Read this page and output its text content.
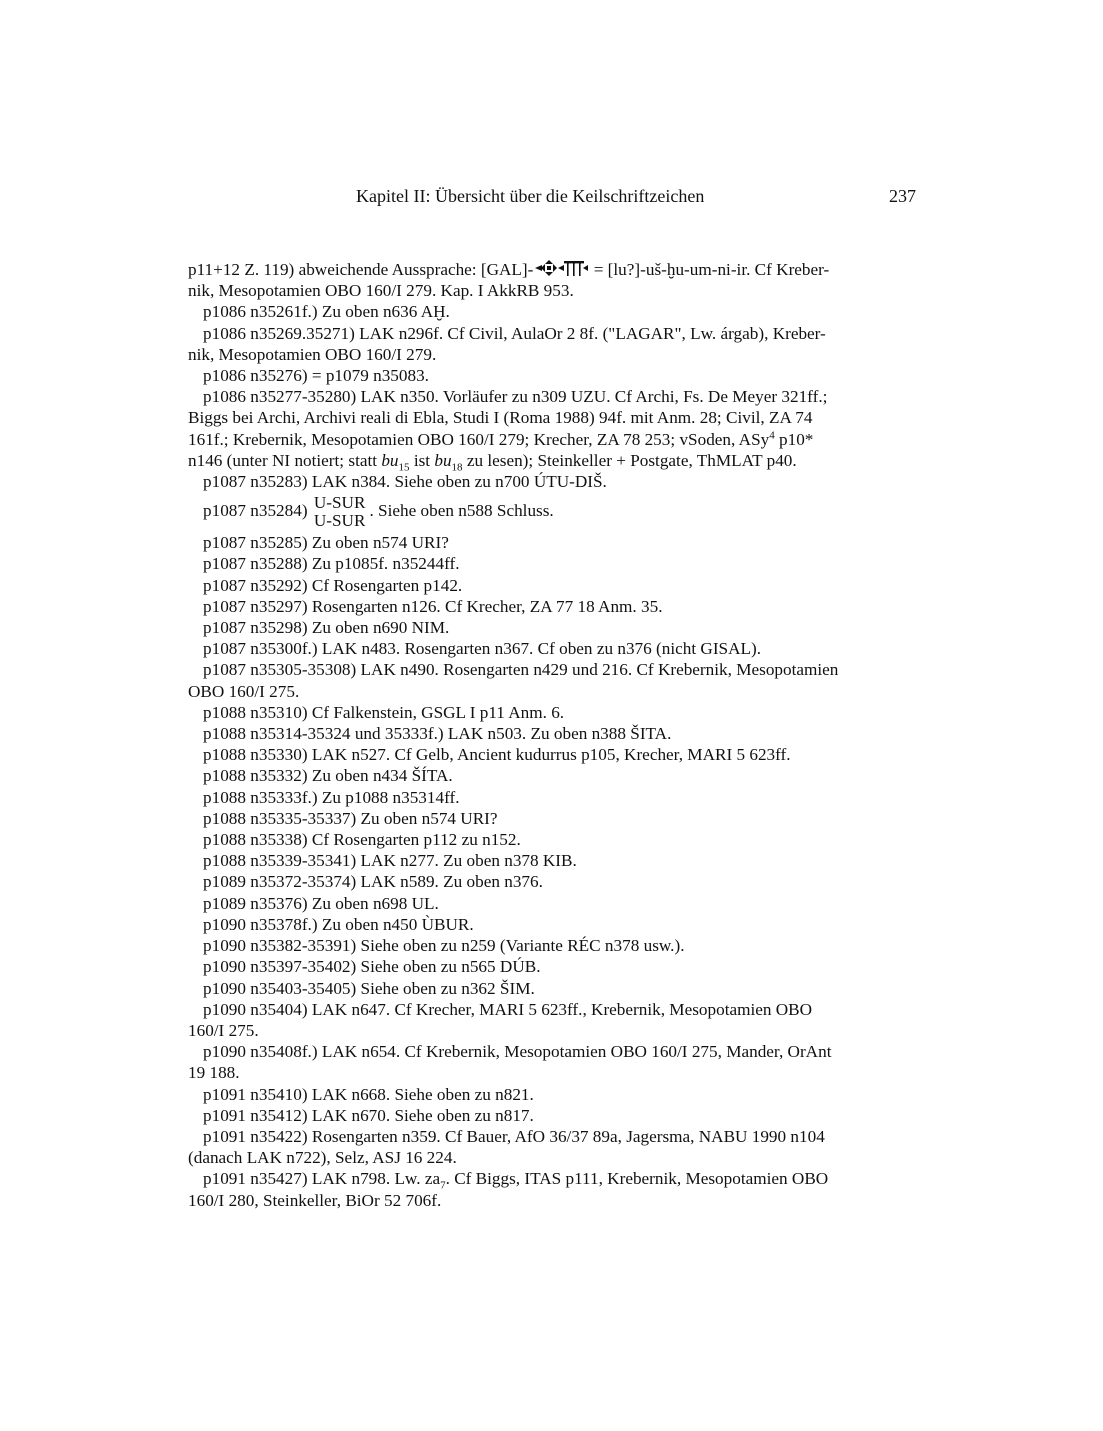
Kapitel II: Übersicht über die Keilschriftzeichen	237

p11+12 Z. 119) abweichende Aussprache: [GAL]-	= [lu?]-uš-ḫu-um-ni-ir. Cf Kreber-
nik, Mesopotamien OBO 160/I 279. Kap. I AkkRB 953.

p1086 n35261f.) Zu oben n636 AḪ.

p1086 n35269.35271) LAK n296f. Cf Civil, AulaOr 2 8f. ("LAGAR", Lw. árgab), Kreber-
nik, Mesopotamien OBO 160/I 279.

p1086 n35276) = p1079 n35083.

p1086 n35277-35280) LAK n350. Vorläufer zu n309 UZU. Cf Archi, Fs. De Meyer 321ff.;
Biggs bei Archi, Archivi reali di Ebla, Studi I (Roma 1988) 94f. mit Anm. 28; Civil, ZA 74
161f.; Krebernik, Mesopotamien OBO 160/I 279; Krecher, ZA 78 253; vSoden, ASy$^4$ p10*
n146 (unter NI notiert; statt $bu_{15}$ ist $bu_{18}$ zu lesen); Steinkeller + Postgate, ThMLAT p40.

p1087 n35283) LAK n384. Siehe oben zu n700 ÚTU-DIŠ.

p1087 n35284) U-SUR
U-SUR
. Siehe oben n588 Schluss.

p1087 n35285) Zu oben n574 URI?

p1087 n35288) Zu p1085f. n35244ff.

p1087 n35292) Cf Rosengarten p142.

p1087 n35297) Rosengarten n126. Cf Krecher, ZA 77 18 Anm. 35.

p1087 n35298) Zu oben n690 NIM.

p1087 n35300f.) LAK n483. Rosengarten n367. Cf oben zu n376 (nicht GISAL).

p1087 n35305-35308) LAK n490. Rosengarten n429 und 216. Cf Krebernik, Mesopotamien
OBO 160/I 275.

p1088 n35310) Cf Falkenstein, GSGL I p11 Anm. 6.

p1088 n35314-35324 und 35333f.) LAK n503. Zu oben n388 ŠITA.

p1088 n35330) LAK n527. Cf Gelb, Ancient kudurrus p105, Krecher, MARI 5 623ff.

p1088 n35332) Zu oben n434 ŠÍTA.

p1088 n35333f.) Zu p1088 n35314ff.

p1088 n35335-35337) Zu oben n574 URI?

p1088 n35338) Cf Rosengarten p112 zu n152.

p1088 n35339-35341) LAK n277. Zu oben n378 KIB.

p1089 n35372-35374) LAK n589. Zu oben n376.

p1089 n35376) Zu oben n698 UL.

p1090 n35378f.) Zu oben n450 ÙBUR.

p1090 n35382-35391) Siehe oben zu n259 (Variante RÉC n378 usw.).

p1090 n35397-35402) Siehe oben zu n565 DÚB.

p1090 n35403-35405) Siehe oben zu n362 ŠIM.

p1090 n35404) LAK n647. Cf Krecher, MARI 5 623ff., Krebernik, Mesopotamien OBO
160/I 275.

p1090 n35408f.) LAK n654. Cf Krebernik, Mesopotamien OBO 160/I 275, Mander, OrAnt
19 188.

p1091 n35410) LAK n668. Siehe oben zu n821.

p1091 n35412) LAK n670. Siehe oben zu n817.

p1091 n35422) Rosengarten n359. Cf Bauer, AfO 36/37 89a, Jagersma, NABU 1990 n104
(danach LAK n722), Selz, ASJ 16 224.

p1091 n35427) LAK n798. Lw. $za_7$. Cf Biggs, ITAS p111, Krebernik, Mesopotamien OBO
160/I 280, Steinkeller, BiOr 52 706f.
